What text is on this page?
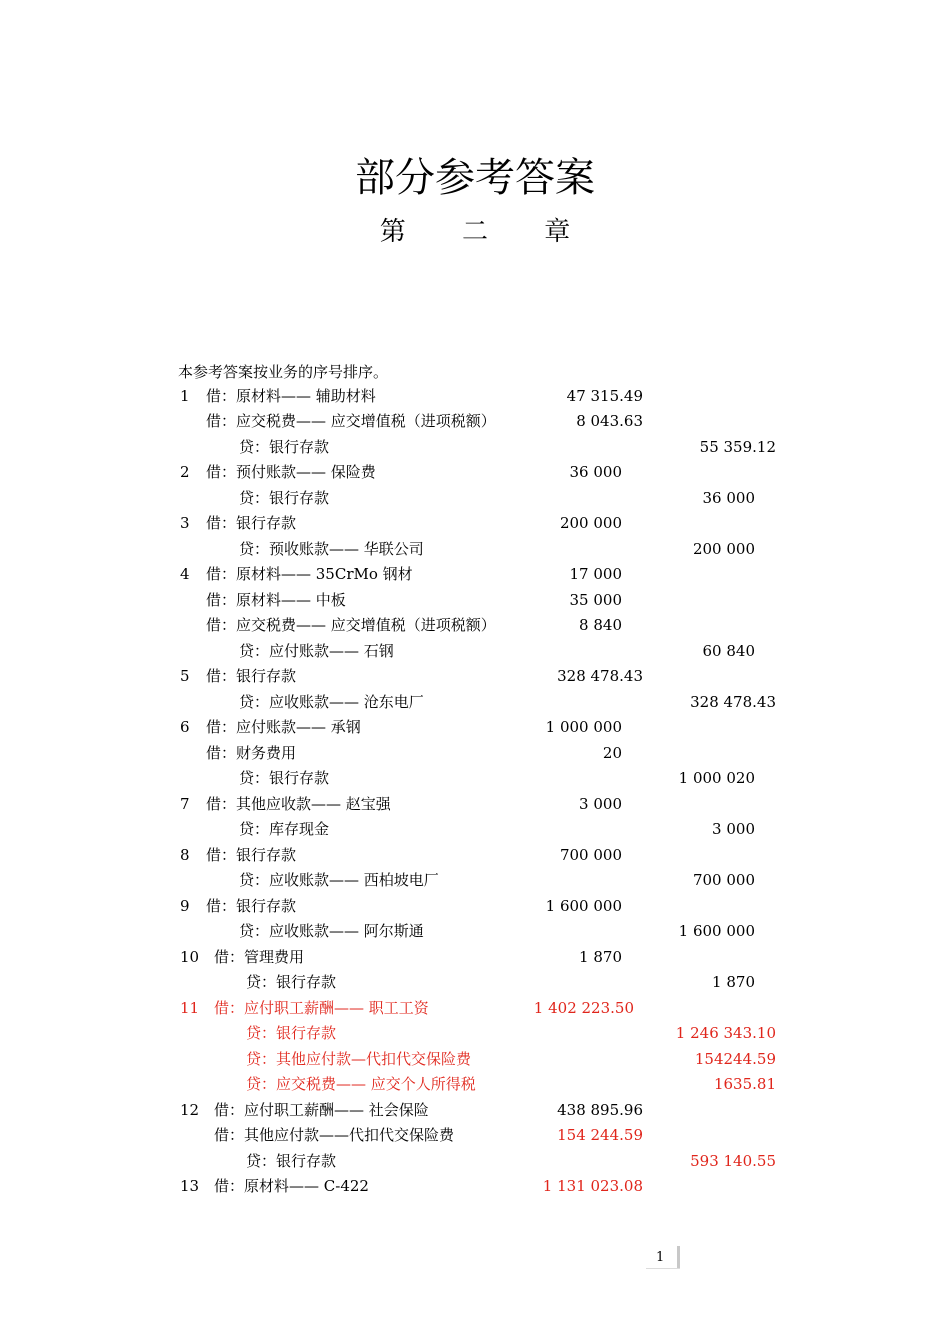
部分参考答案
第 二 章
本参考答案按业务的序号排序。
1 借：原材料—— 辅助材料	47 315.49
借：应交税费—— 应交增值税（进项税额）	8 043.63
贷：银行存款	55 359.12
2 借：预付账款—— 保险费	36 000
贷：银行存款	36 000
3 借：银行存款	200 000
贷：预收账款—— 华联公司	200 000
4 借：原材料—— 35CrMo 钢材	17 000
借：原材料—— 中板	35 000
借：应交税费—— 应交增值税（进项税额）	8 840
贷：应付账款—— 石钢	60 840
5 借：银行存款	328 478.43
贷：应收账款—— 沧东电厂	328 478.43
6 借：应付账款—— 承钢	1 000 000
借：财务费用	20
贷：银行存款	1 000 020
7 借：其他应收款—— 赵宝强	3 000
贷：库存现金	3 000
8 借：银行存款	700 000
贷：应收账款—— 西柏坡电厂	700 000
9 借：银行存款	1 600 000
贷：应收账款—— 阿尔斯通	1 600 000
10 借：管理费用	1 870
贷：银行存款	1 870
11 借：应付职工薪酬—— 职工工资	1 402 223.50
贷：银行存款	1 246 343.10
贷：其他应付款—代扣代交保险费	154244.59
贷：应交税费—— 应交个人所得税	1635.81
12 借：应付职工薪酬—— 社会保险	438 895.96
借：其他应付款——代扣代交保险费	154 244.59
贷：银行存款	593 140.55
13 借：原材料—— C-422	1 131 023.08
1
